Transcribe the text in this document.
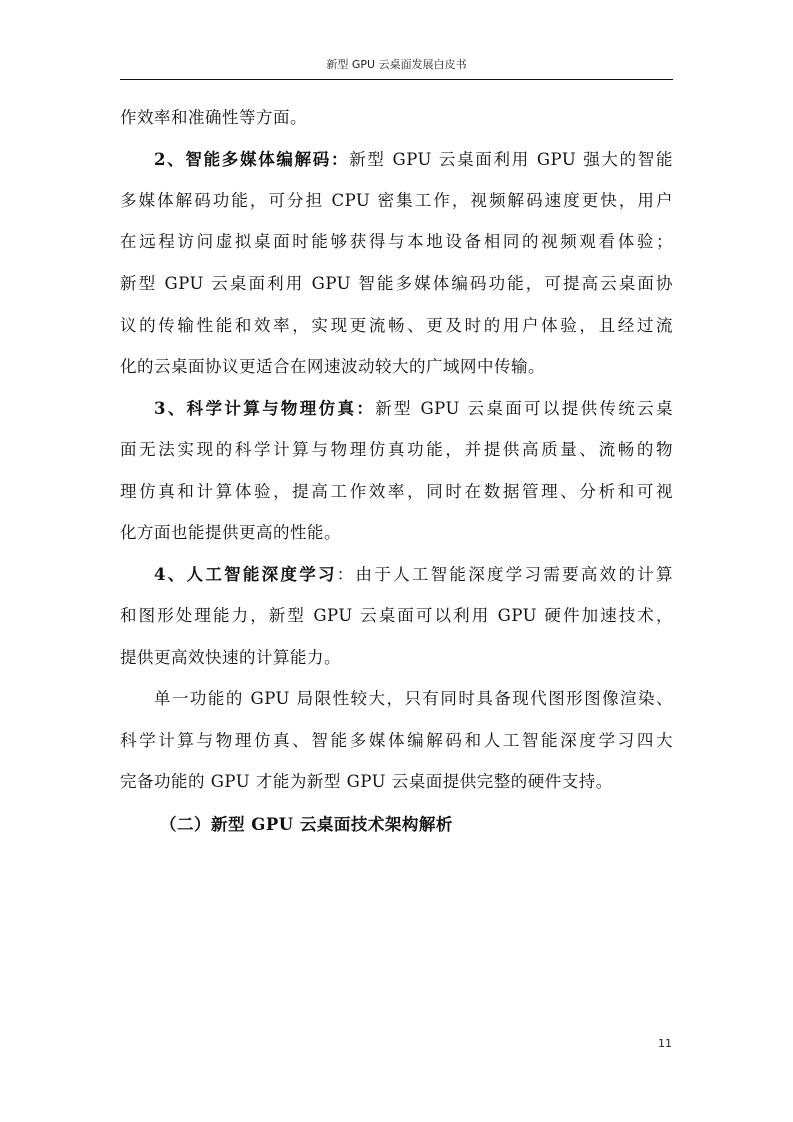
新型 GPU 云桌面发展白皮书
作效率和准确性等方面。
2、智能多媒体编解码：新型 GPU 云桌面利用 GPU 强大的智能
多媒体解码功能，可分担 CPU 密集工作，视频解码速度更快，用户
在远程访问虚拟桌面时能够获得与本地设备相同的视频观看体验；
新型 GPU 云桌面利用 GPU 智能多媒体编码功能，可提高云桌面协
议的传输性能和效率，实现更流畅、更及时的用户体验，且经过流
化的云桌面协议更适合在网速波动较大的广域网中传输。
3、科学计算与物理仿真：新型 GPU 云桌面可以提供传统云桌
面无法实现的科学计算与物理仿真功能，并提供高质量、流畅的物
理仿真和计算体验，提高工作效率，同时在数据管理、分析和可视
化方面也能提供更高的性能。
4、人工智能深度学习：由于人工智能深度学习需要高效的计算
和图形处理能力，新型 GPU 云桌面可以利用 GPU 硬件加速技术，
提供更高效快速的计算能力。
单一功能的 GPU 局限性较大，只有同时具备现代图形图像渲染、
科学计算与物理仿真、智能多媒体编解码和人工智能深度学习四大
完备功能的 GPU 才能为新型 GPU 云桌面提供完整的硬件支持。
（二）新型 GPU 云桌面技术架构解析
11
